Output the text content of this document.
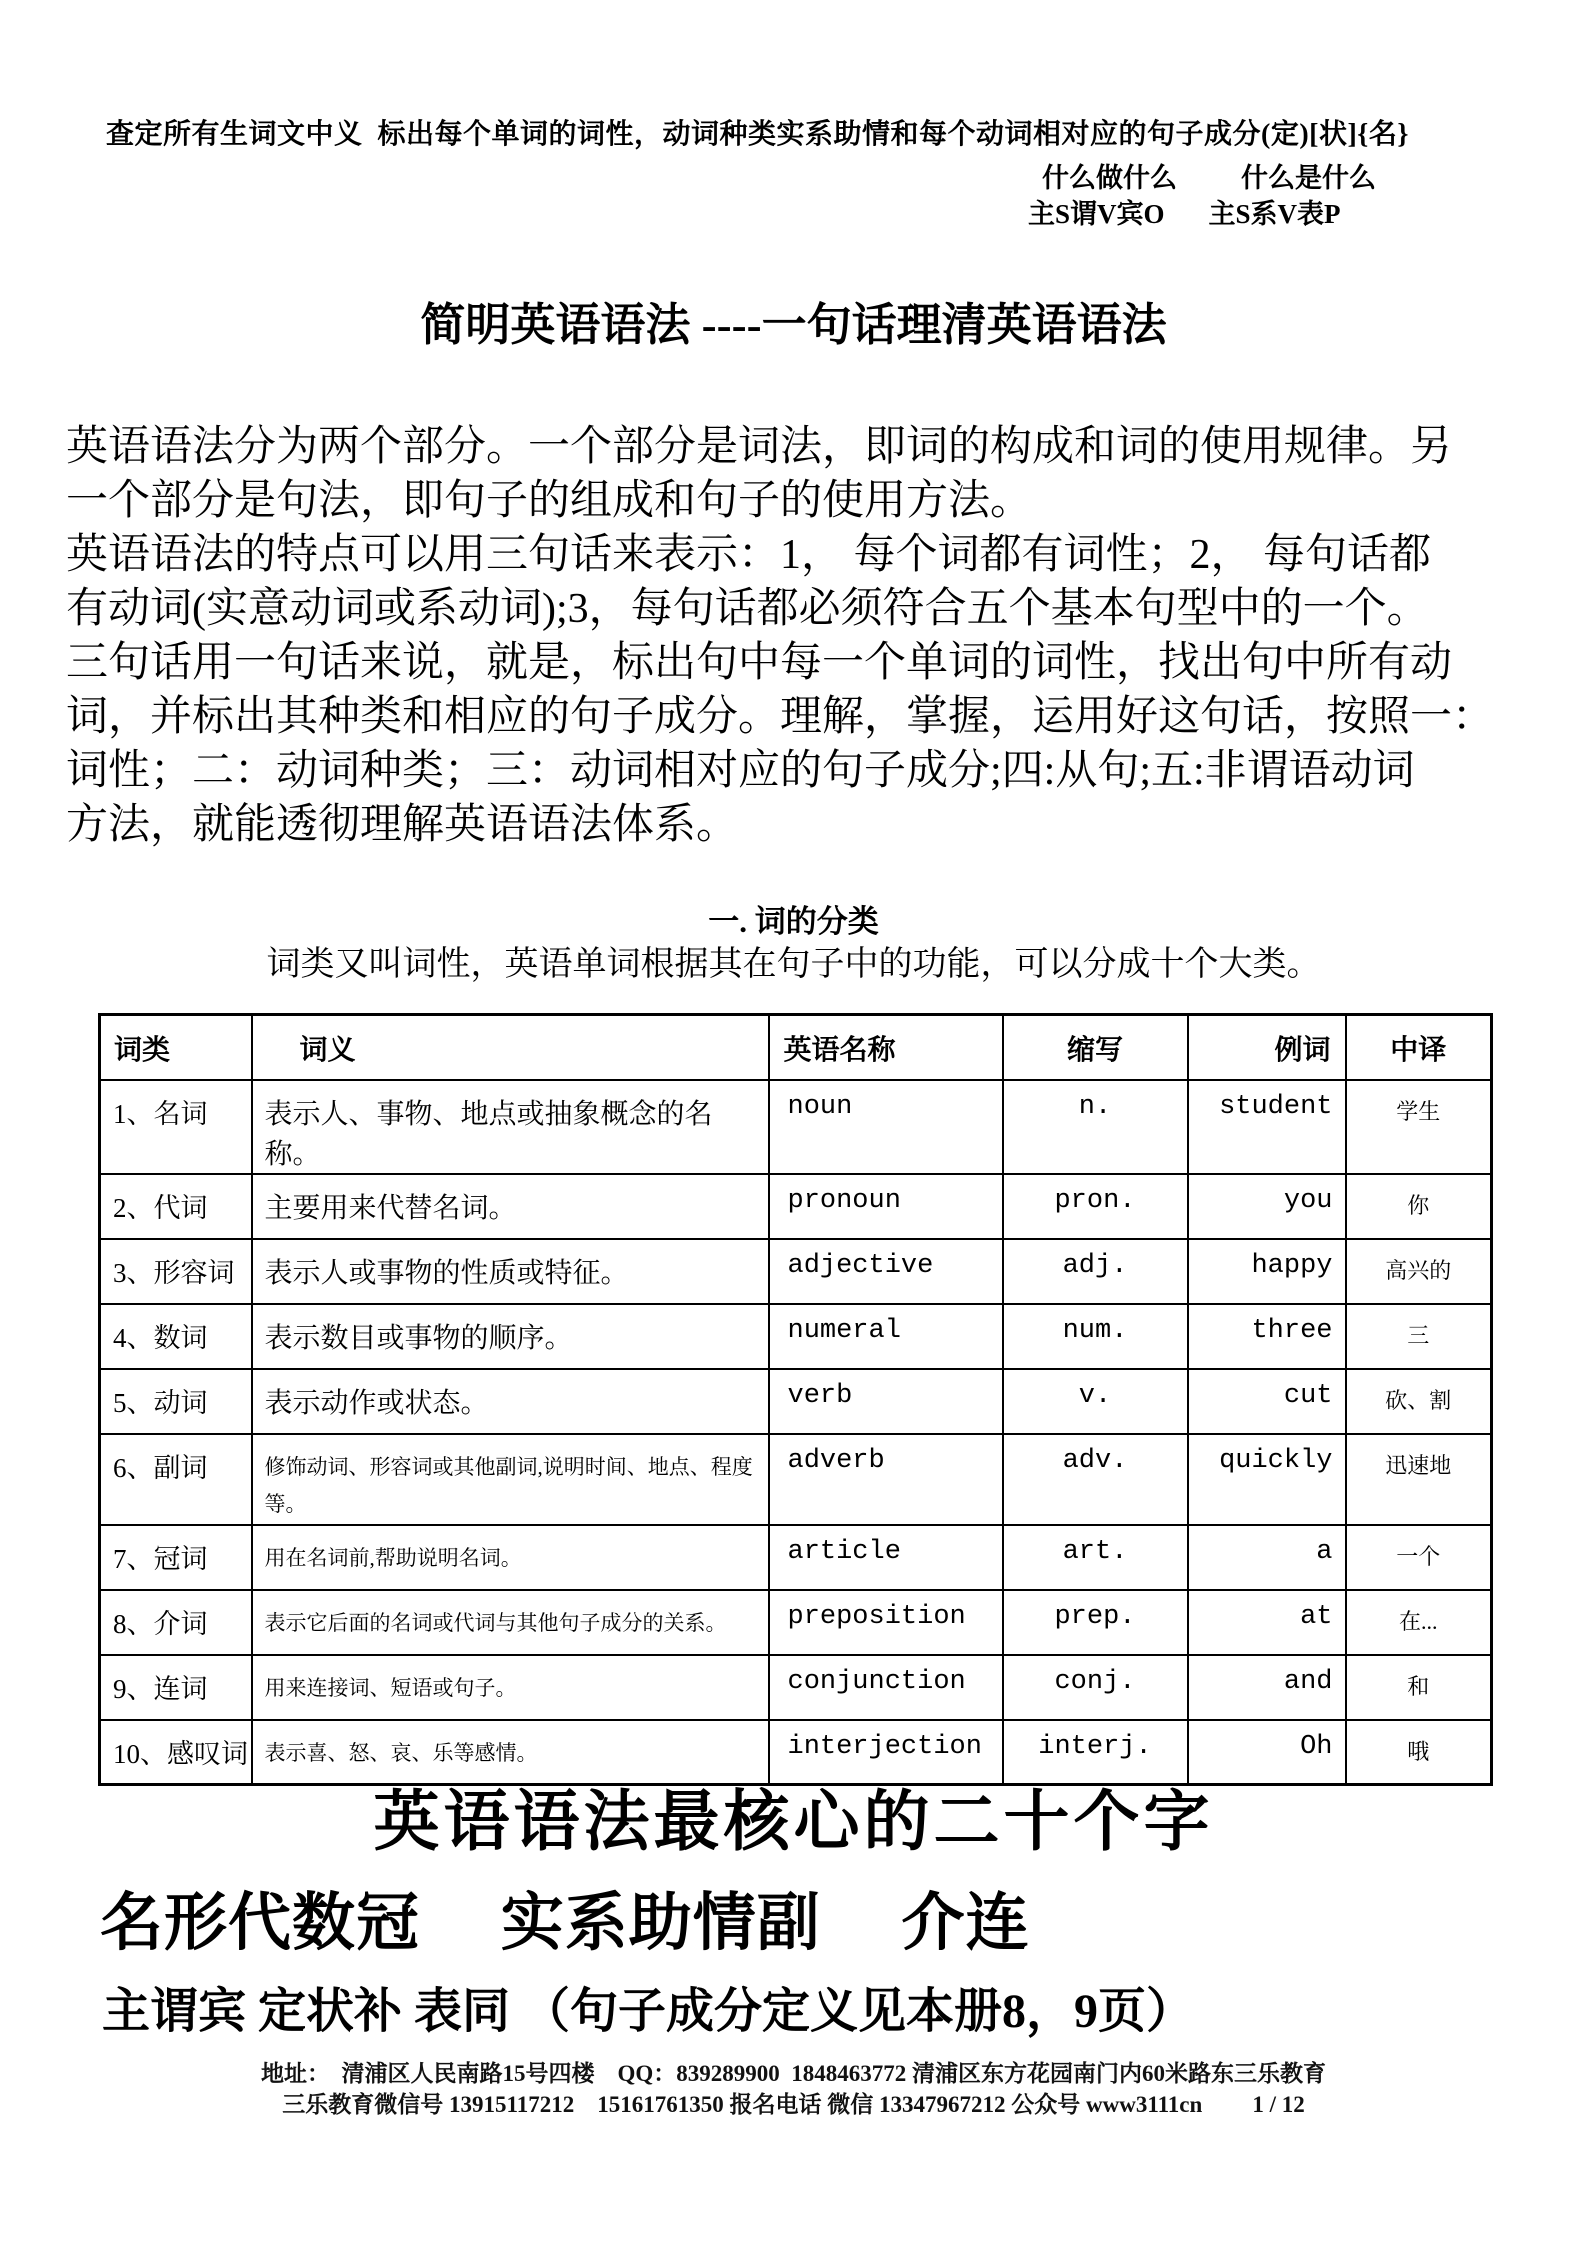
查定所有生词文中义  标出每个单词的词性，动词种类实系助情和每个动词相对应的句子成分(定)[状]{名}
什么做什么 什么是什么
主S谓V宾O 主S系V表P
简明英语语法 ----一句话理清英语语法
英语语法分为两个部分。一个部分是词法，即词的构成和词的使用规律。另
一个部分是句法，即句子的组成和句子的使用方法。
英语语法的特点可以用三句话来表示：1， 每个词都有词性；2， 每句话都
有动词(实意动词或系动词);3，每句话都必须符合五个基本句型中的一个。
三句话用一句话来说，就是，标出句中每一个单词的词性，找出句中所有动
词，并标出其种类和相应的句子成分。理解，掌握，运用好这句话，按照一：
词性；二：动词种类；三：动词相对应的句子成分;四:从句;五:非谓语动词
方法，就能透彻理解英语语法体系。
一. 词的分类
词类又叫词性，英语单词根据其在句子中的功能，可以分成十个大类。
词类	词义	英语名称	缩写	例词	中译
1、名词	表示人、事物、地点或抽象概念的名称。	noun	n.	student	学生
2、代词	主要用来代替名词。	pronoun	pron.	you	你
3、形容词	表示人或事物的性质或特征。	adjective	adj.	happy	高兴的
4、数词	表示数目或事物的顺序。	numeral	num.	three	三
5、动词	表示动作或状态。	verb	v.	cut	砍、割
6、副词	修饰动词、形容词或其他副词,说明时间、地点、程度等。	adverb	adv.	quickly	迅速地
7、冠词	用在名词前,帮助说明名词。	article	art.	a	一个
8、介词	表示它后面的名词或代词与其他句子成分的关系。	preposition	prep.	at	在...
9、连词	用来连接词、短语或句子。	conjunction	conj.	and	和
10、感叹词	表示喜、怒、哀、乐等感情。	interjection	interj.	Oh	哦
英语语法最核心的二十个字
名形代数冠　 实系助情副　 介连
主谓宾 定状补 表同 （句子成分定义见本册8，9页）
地址：  清浦区人民南路15号四楼    QQ：839289900  1848463772 清浦区东方花园南门内60米路东三乐教育
三乐教育微信号 13915117212    15161761350 报名电话 微信 13347967212 公众号 www3111cn 1 / 12
